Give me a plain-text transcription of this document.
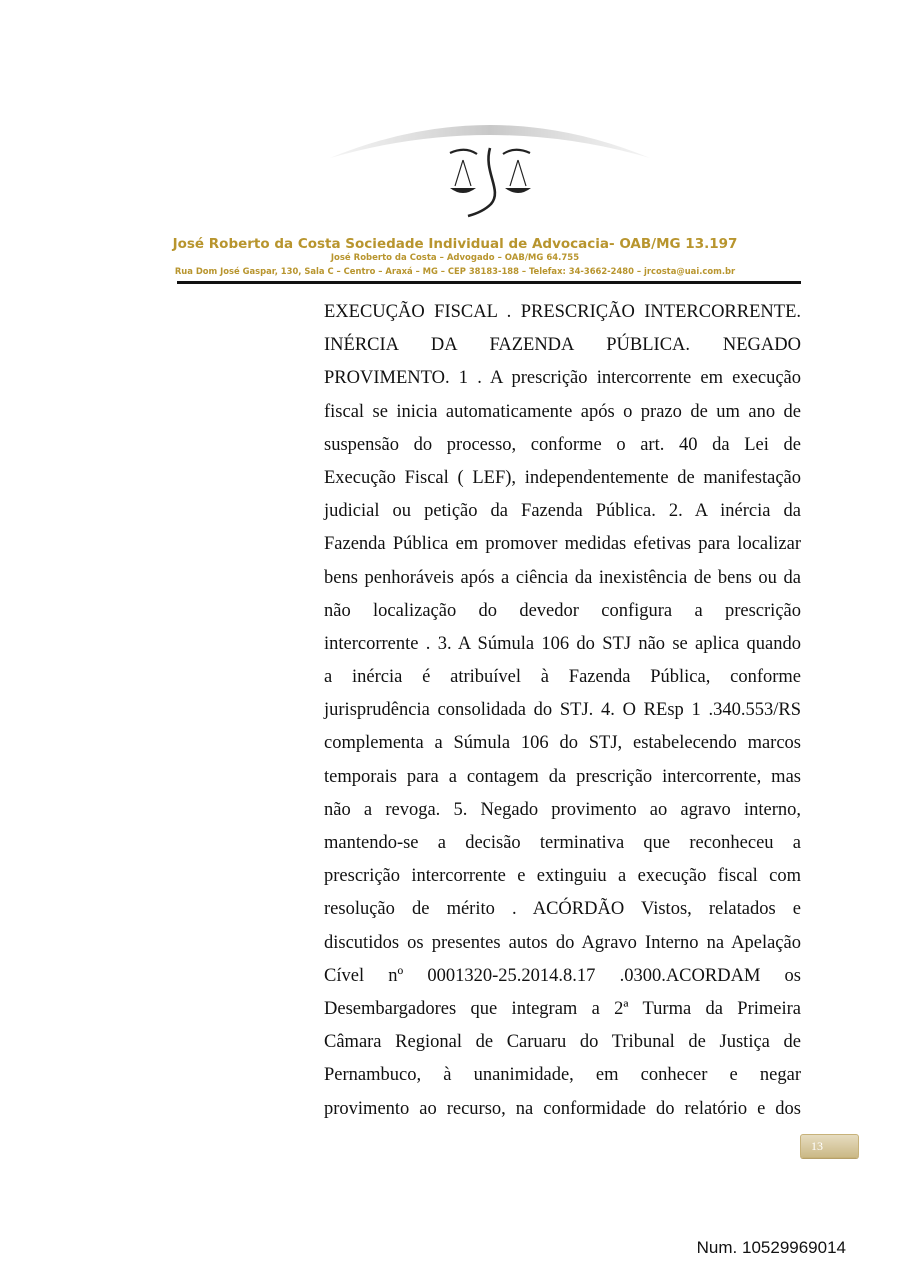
José Roberto da Costa Sociedade Individual de Advocacia- OAB/MG 13.197
José Roberto da Costa – Advogado – OAB/MG 64.755
Rua Dom José Gaspar, 130, Sala C – Centro – Araxá – MG – CEP 38183-188 – Telefax: 34-3662-2480 – jrcosta@uai.com.br
EXECUÇÃO FISCAL . PRESCRIÇÃO INTERCORRENTE.
INÉRCIA DA FAZENDA PÚBLICA. NEGADO
PROVIMENTO. 1 . A prescrição intercorrente em execução
fiscal se inicia automaticamente após o prazo de um ano de
suspensão do processo, conforme o art. 40 da Lei de
Execução Fiscal ( LEF), independentemente de manifestação
judicial ou petição da Fazenda Pública. 2. A inércia da
Fazenda Pública em promover medidas efetivas para localizar
bens penhoráveis após a ciência da inexistência de bens ou da
não localização do devedor configura a prescrição
intercorrente . 3. A Súmula 106 do STJ não se aplica quando
a inércia é atribuível à Fazenda Pública, conforme
jurisprudência consolidada do STJ. 4. O REsp 1 .340.553/RS
complementa a Súmula 106 do STJ, estabelecendo marcos
temporais para a contagem da prescrição intercorrente, mas
não a revoga. 5. Negado provimento ao agravo interno,
mantendo-se a decisão terminativa que reconheceu a
prescrição intercorrente e extinguiu a execução fiscal com
resolução de mérito . ACÓRDÃO Vistos, relatados e
discutidos os presentes autos do Agravo Interno na Apelação
Cível nº 0001320-25.2014.8.17 .0300.ACORDAM os
Desembargadores que integram a 2ª Turma da Primeira
Câmara Regional de Caruaru do Tribunal de Justiça de
Pernambuco, à unanimidade, em conhecer e negar
provimento ao recurso, na conformidade do relatório e dos
13
Num. 10529969014
